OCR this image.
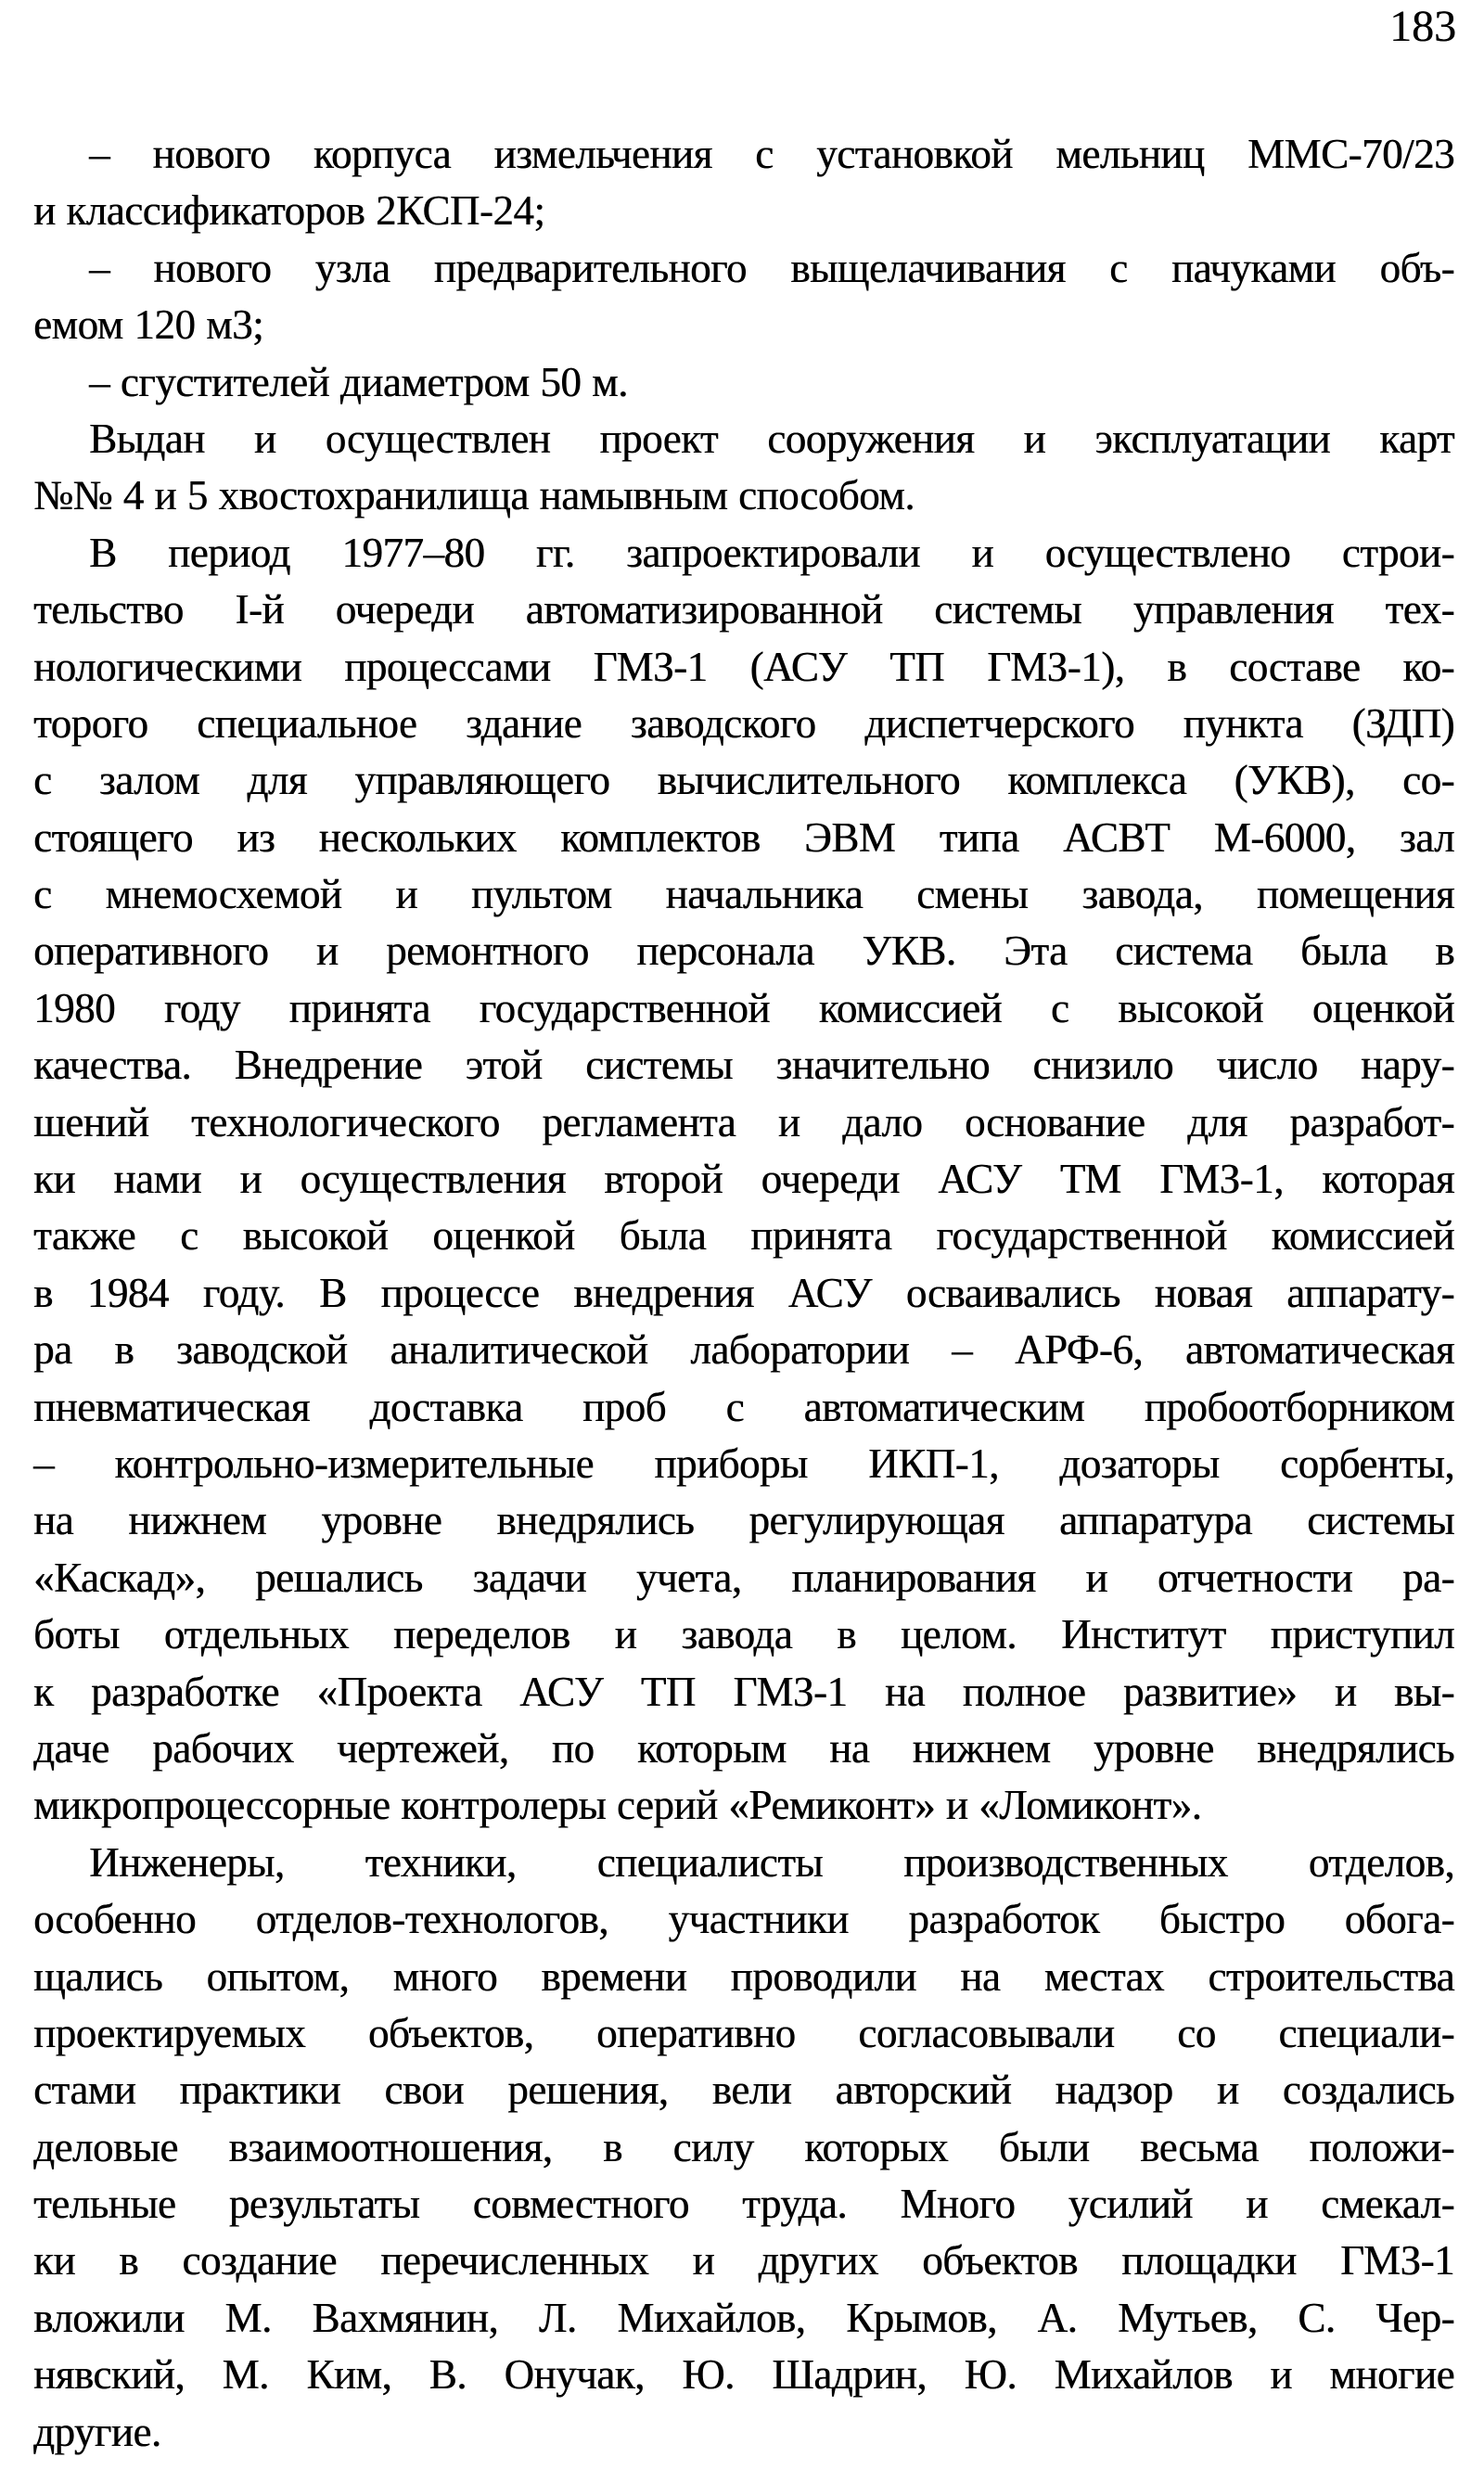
183
– нового корпуса измельчения с установкой мельниц ММС-70/23
и классификаторов 2КСП-24;
– нового узла предварительного выщелачивания с пачуками объ-
емом 120 м3;
– сгустителей диаметром 50 м.
Выдан и осуществлен проект сооружения и эксплуатации карт
№№ 4 и 5 хвостохранилища намывным способом.
В период 1977–80 гг. запроектировали и осуществлено строи-
тельство I-й очереди автоматизированной системы управления тех-
нологическими процессами ГМЗ-1 (АСУ ТП ГМЗ-1), в составе ко-
торого специальное здание заводского диспетчерского пункта (ЗДП)
с залом для управляющего вычислительного комплекса (УКВ), со-
стоящего из нескольких комплектов ЭВМ типа АСВТ М-6000, зал
с мнемосхемой и пультом начальника смены завода, помещения
оперативного и ремонтного персонала УКВ. Эта система была в
1980 году принята государственной комиссией с высокой оценкой
качества. Внедрение этой системы значительно снизило число нару-
шений технологического регламента и дало основание для разработ-
ки нами и осуществления второй очереди АСУ ТМ ГМЗ-1, которая
также с высокой оценкой была принята государственной комиссией
в 1984 году. В процессе внедрения АСУ осваивались новая аппарату-
ра в заводской аналитической лаборатории – АРФ-6, автоматическая
пневматическая доставка проб с автоматическим пробоотборником
– контрольно-измерительные приборы ИКП-1, дозаторы сорбенты,
на нижнем уровне внедрялись регулирующая аппаратура системы
«Каскад», решались задачи учета, планирования и отчетности ра-
боты отдельных переделов и завода в целом. Институт приступил
к разработке «Проекта АСУ ТП ГМЗ-1 на полное развитие» и вы-
даче рабочих чертежей, по которым на нижнем уровне внедрялись
микропроцессорные контролеры серий «Ремиконт» и «Ломиконт».
Инженеры, техники, специалисты производственных отделов,
особенно отделов-технологов, участники разработок быстро обога-
щались опытом, много времени проводили на местах строительства
проектируемых объектов, оперативно согласовывали со специали-
стами практики свои решения, вели авторский надзор и создались
деловые взаимоотношения, в силу которых были весьма положи-
тельные результаты совместного труда. Много усилий и смекал-
ки в создание перечисленных и других объектов площадки ГМЗ-1
вложили М. Вахмянин, Л. Михайлов, Крымов, А. Мутьев, С. Чер-
нявский, М. Ким, В. Онучак, Ю. Шадрин, Ю. Михайлов и многие
другие.
